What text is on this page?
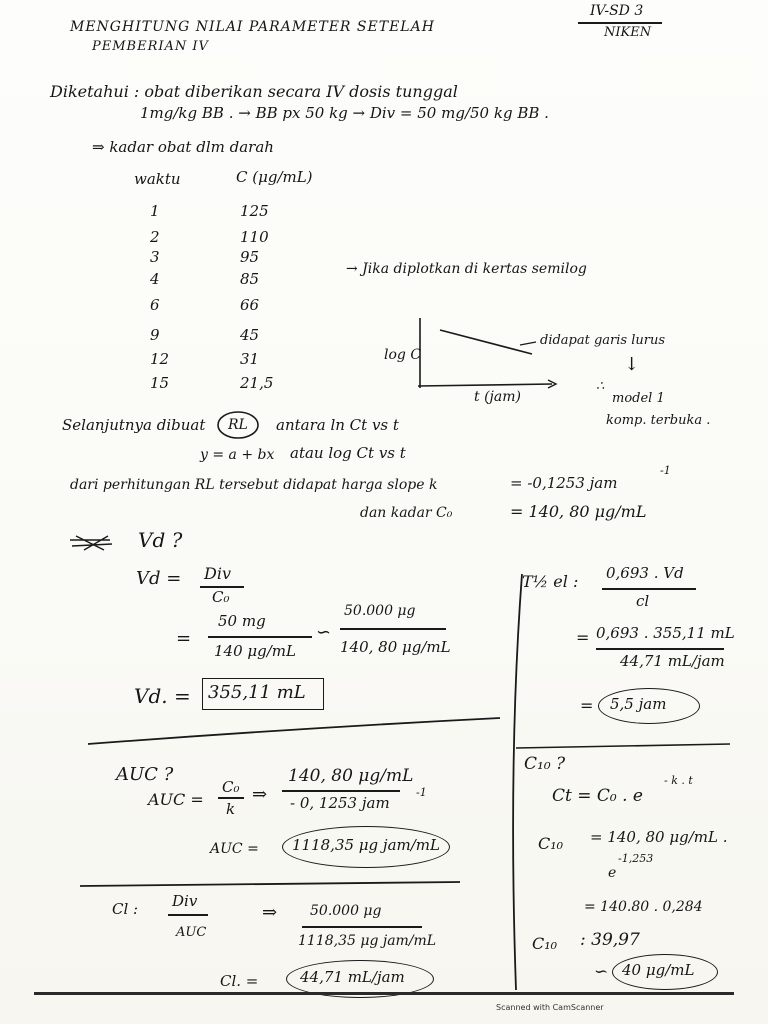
MENGHITUNG NILAI PARAMETER SETELAH
PEMBERIAN IV
IV-SD 3
NIKEN
Diketahui : obat diberikan secara IV dosis tunggal
1mg/kg BB . → BB px 50 kg → Div = 50 mg/50 kg BB .
⇒ kadar obat dlm darah
waktu	C (μg/mL)
1	125
2	110
3	95
4	85
6	66
9	45
12	31
15	21,5
→ Jika diplotkan di kertas semilog
log C
t (jam)
didapat garis lurus
↓
∴
model 1
komp. terbuka .
Selanjutnya dibuat RL antara ln Ct vs t
y = a + bx atau log Ct vs t
dari perhitungan RL tersebut didapat harga slope k	= -0,1253 jam
-1
dan kadar C₀	= 140, 80 μg/mL
Vd ?
Vd = Div
C₀
=
50 mg
140 μg/mL
∽
50.000 μg
140, 80 μg/mL
Vd. = 355,11 mL
T½ el : 0,693 . Vd
cl
= 0,693 . 355,11 mL
44,71 mL/jam
= 5,5 jam
AUC ?
AUC =
C₀
k
⇒
140, 80 μg/mL
- 0, 1253 jam
-1
AUC = 1118,35 μg jam/mL
C₁₀ ?
Ct = C₀ . e
- k . t
C₁₀ = 140, 80 μg/mL .
e
-1,253
= 140.80 . 0,284
C₁₀ : 39,97
∽ 40 μg/mL
Cl : Div
AUC
⇒ 50.000 μg
1118,35 μg jam/mL
Cl. =	44,71 mL/jam
Scanned with CamScanner
